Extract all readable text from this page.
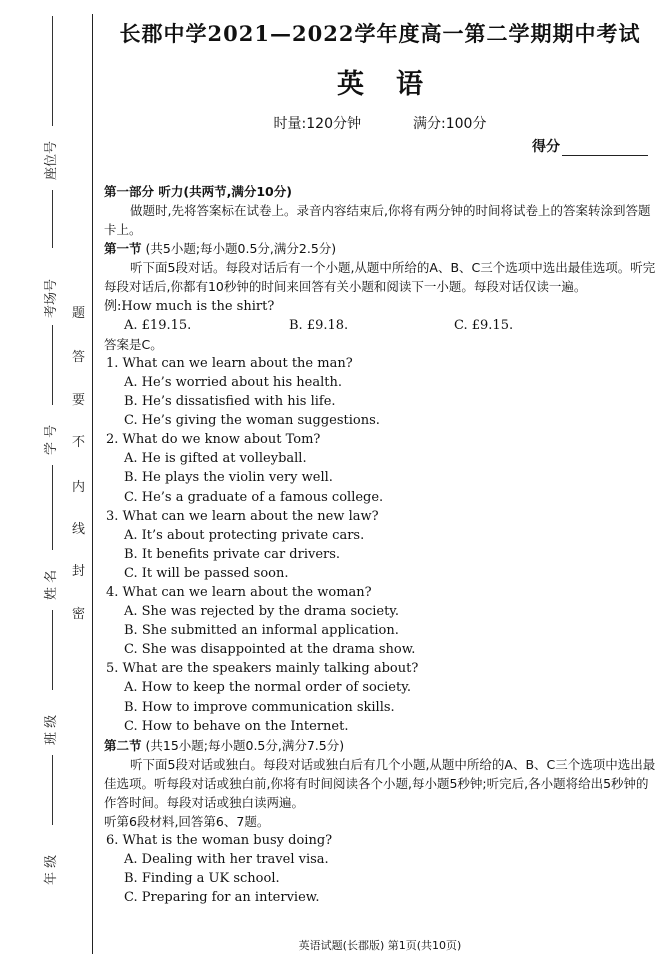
座位号
考场号
学 号
姓 名
班 级
年 级
密
封
线
内
不
要
答
题
长郡中学2021—2022学年度高一第二学期期中考试
英 语
时量:120分钟	满分:100分
得分
第一部分 听力(共两节,满分10分)
做题时,先将答案标在试卷上。录音内容结束后,你将有两分钟的时间将试卷上的答案转涂到答题卡上。
第一节 (共5小题;每小题0.5分,满分2.5分)
听下面5段对话。每段对话后有一个小题,从题中所给的A、B、C三个选项中选出最佳选项。听完每段对话后,你都有10秒钟的时间来回答有关小题和阅读下一小题。每段对话仅读一遍。
例:How much is the shirt?
A. £19.15.	B. £9.18.	C. £9.15.
答案是C。
1. What can we learn about the man?
A. He’s worried about his health.
B. He’s dissatisfied with his life.
C. He’s giving the woman suggestions.
2. What do we know about Tom?
A. He is gifted at volleyball.
B. He plays the violin very well.
C. He’s a graduate of a famous college.
3. What can we learn about the new law?
A. It’s about protecting private cars.
B. It benefits private car drivers.
C. It will be passed soon.
4. What can we learn about the woman?
A. She was rejected by the drama society.
B. She submitted an informal application.
C. She was disappointed at the drama show.
5. What are the speakers mainly talking about?
A. How to keep the normal order of society.
B. How to improve communication skills.
C. How to behave on the Internet.
第二节 (共15小题;每小题0.5分,满分7.5分)
听下面5段对话或独白。每段对话或独白后有几个小题,从题中所给的A、B、C三个选项中选出最佳选项。听每段对话或独白前,你将有时间阅读各个小题,每小题5秒钟;听完后,各小题将给出5秒钟的作答时间。每段对话或独白读两遍。
听第6段材料,回答第6、7题。
6. What is the woman busy doing?
A. Dealing with her travel visa.
B. Finding a UK school.
C. Preparing for an interview.
英语试题(长郡版) 第1页(共10页)
